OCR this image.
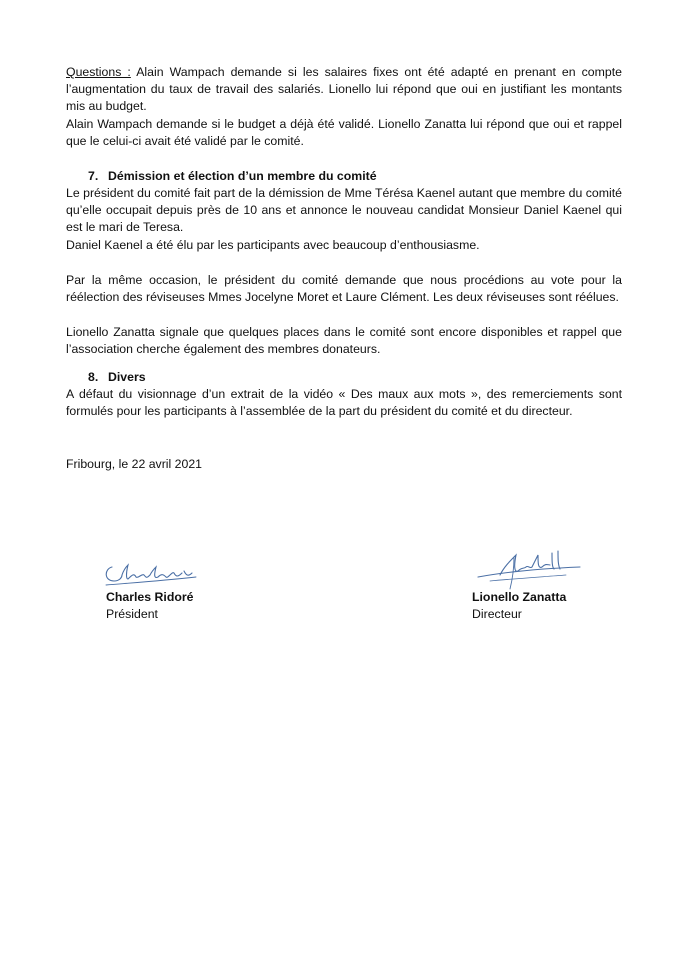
Questions : Alain Wampach demande si les salaires fixes ont été adapté en prenant en compte l’augmentation du taux de travail des salariés. Lionello lui répond que oui en justifiant les montants mis au budget.

Alain Wampach demande si le budget a déjà été validé. Lionello Zanatta lui répond que oui et rappel que le celui-ci avait été validé par le comité.

7. Démission et élection d’un membre du comité

Le président du comité fait part de la démission de Mme Térésa Kaenel autant que membre du comité qu’elle occupait depuis près de 10 ans et annonce le nouveau candidat Monsieur Daniel Kaenel qui est le mari de Teresa.

Daniel Kaenel a été élu par les participants avec beaucoup d’enthousiasme.

Par la même occasion, le président du comité demande que nous procédions au vote pour la réélection des réviseuses Mmes Jocelyne Moret et Laure Clément. Les deux réviseuses sont réélues.

Lionello Zanatta signale que quelques places dans le comité sont encore disponibles et rappel que l’association cherche également des membres donateurs.

8. Divers

A défaut du visionnage d’un extrait de la vidéo « Des maux aux mots », des remerciements sont formulés pour les participants à l’assemblée de la part du président du comité et du directeur.

Fribourg, le 22 avril 2021
Charles Ridoré
Président
Lionello Zanatta
Directeur
